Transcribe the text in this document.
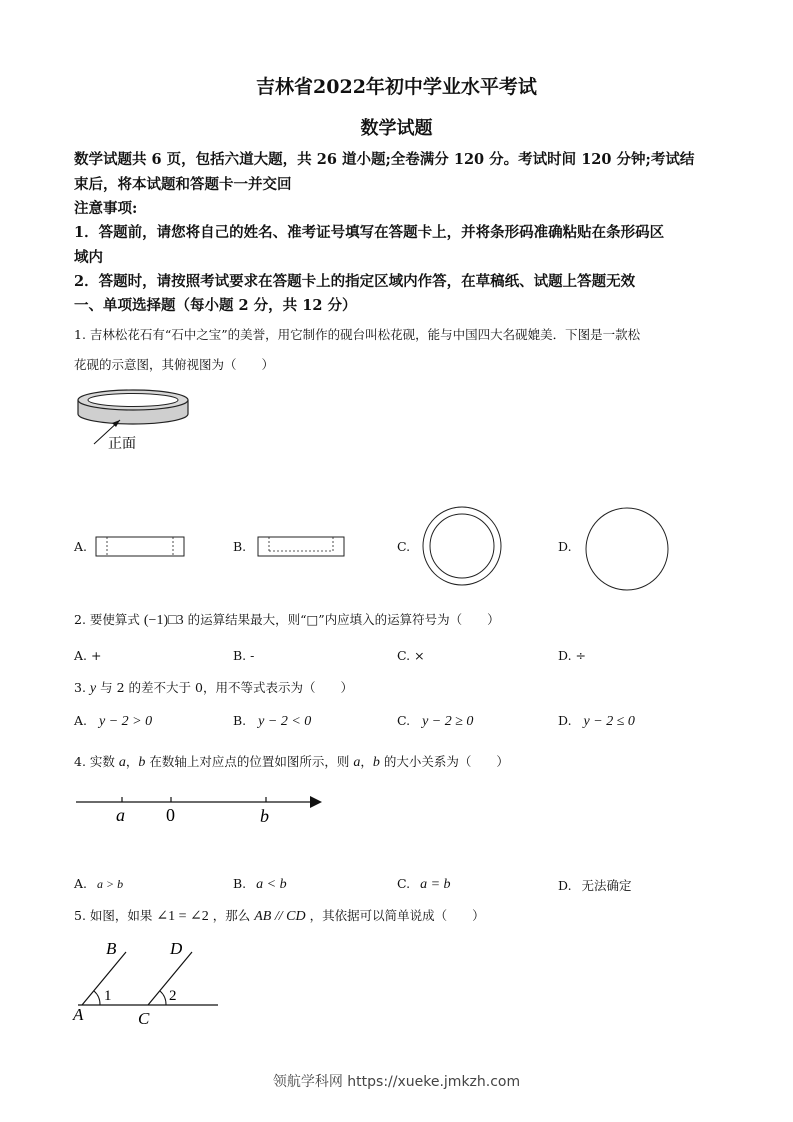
吉林省2022年初中学业水平考试
数学试题
数学试题共 6 页，包括六道大题，共 26 道小题;全卷满分 120 分。考试时间 120 分钟;考试结
束后，将本试题和答题卡一并交回
注意事项:
1．答题前，请您将自己的姓名、准考证号填写在答题卡上，并将条形码准确粘贴在条形码区
域内
2．答题时，请按照考试要求在答题卡上的指定区域内作答，在草稿纸、试题上答题无效
一、单项选择题（每小题 2 分，共 12 分）
1. 吉林松花石有“石中之宝”的美誉，用它制作的砚台叫松花砚，能与中国四大名砚媲美．下图是一款松
花砚的示意图，其俯视图为（　　）
正面
A.	B.	C.	D.
2. 要使算式 (−1)□3 的运算结果最大，则“□”内应填入的运算符号为（　　）
A. +	B. -	C. ×	D. ÷
3. y 与 2 的差不大于 0，用不等式表示为（　　）
A. y − 2 > 0	B. y − 2 < 0	C. y − 2 ≥ 0	D. y − 2 ≤ 0
4. 实数 a，b 在数轴上对应点的位置如图所示，则 a，b 的大小关系为（　　）
a 0	b
A. a > b	B. a < b	C. a = b	D. 无法确定
5. 如图，如果 ∠1 = ∠2 ，那么 AB // CD ，其依据可以简单说成（　　）
B	D
A	C
1	2
领航学科网 https://xueke.jmkzh.com
